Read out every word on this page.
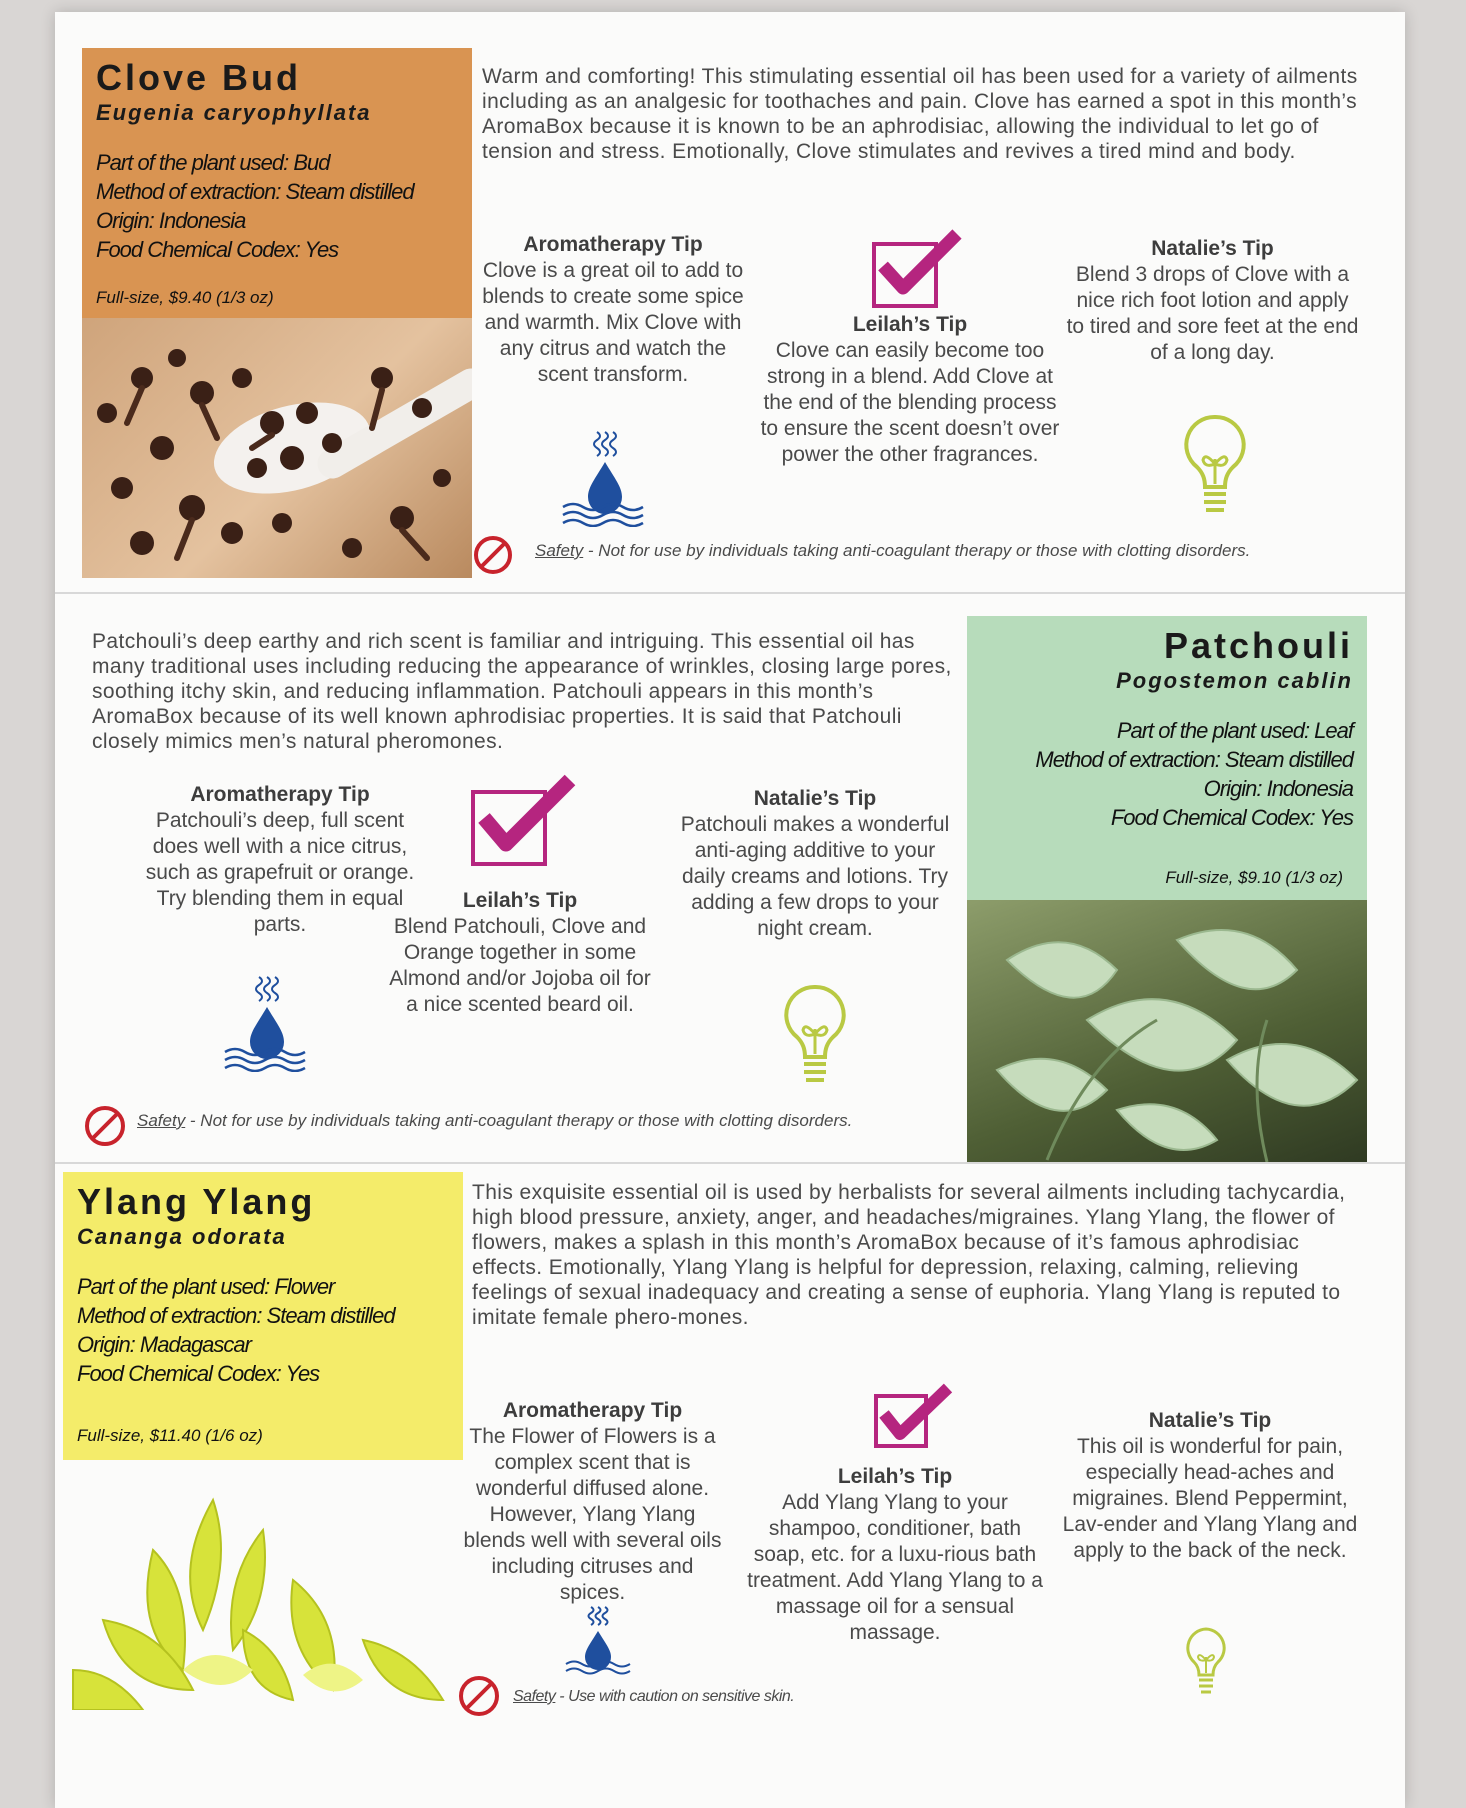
Clove Bud
Eugenia caryophyllata
Part of the plant used: Bud
Method of extraction: Steam distilled
Origin: Indonesia
Food Chemical Codex: Yes
Full-size, $9.40 (1/3 oz)
Warm and comforting! This stimulating essential oil has been used for a variety of ailments including as an analgesic for toothaches and pain. Clove has earned a spot in this month’s AromaBox because it is known to be an aphrodisiac, allowing the individual to let go of tension and stress. Emotionally, Clove stimulates and revives a tired mind and body.
Aromatherapy Tip
Clove is a great oil to add to blends to create some spice and warmth. Mix Clove with any citrus and watch the scent transform.
Leilah’s Tip
Clove can easily become too strong in a blend. Add Clove at the end of the blending process to ensure the scent doesn’t over power the other fragrances.
Natalie’s Tip
Blend 3 drops of Clove with a nice rich foot lotion and apply to tired and sore feet at the end of a long day.
Safety - Not for use by individuals taking anti-coagulant therapy or those with clotting disorders.
Patchouli’s deep earthy and rich scent is familiar and intriguing. This essential oil has many traditional uses including reducing the appearance of wrinkles, closing large pores, soothing itchy skin, and reducing inflammation. Patchouli appears in this month’s AromaBox because of its well known aphrodisiac properties. It is said that Patchouli closely mimics men’s natural pheromones.
Patchouli
Pogostemon cablin
Part of the plant used: Leaf
Method of extraction: Steam distilled
Origin: Indonesia
Food Chemical Codex: Yes
Full-size, $9.10 (1/3 oz)
Aromatherapy Tip
Patchouli’s deep, full scent does well with a nice citrus, such as grapefruit or orange. Try blending them in equal parts.
Leilah’s Tip
Blend Patchouli, Clove and Orange together in some Almond and/or Jojoba oil for a nice scented beard oil.
Natalie’s Tip
Patchouli makes a wonderful anti-aging additive to your daily creams and lotions. Try adding a few drops to your night cream.
Safety - Not for use by individuals taking anti-coagulant therapy or those with clotting disorders.
Ylang Ylang
Cananga odorata
Part of the plant used: Flower
Method of extraction: Steam distilled
Origin: Madagascar
Food Chemical Codex: Yes
Full-size, $11.40 (1/6 oz)
This exquisite essential oil is used by herbalists for several ailments including tachycardia, high blood pressure, anxiety, anger, and headaches/migraines. Ylang Ylang, the flower of flowers, makes a splash in this month’s AromaBox because of it’s famous aphrodisiac effects. Emotionally, Ylang Ylang is helpful for depression, relaxing, calming, relieving feelings of sexual inadequacy and creating a sense of euphoria. Ylang Ylang is reputed to imitate female phero-mones.
Aromatherapy Tip
The Flower of Flowers is a complex scent that is wonderful diffused alone. However, Ylang Ylang blends well with several oils including citruses and spices.
Leilah’s Tip
Add Ylang Ylang to your shampoo, conditioner, bath soap, etc. for a luxu-rious bath treatment. Add Ylang Ylang to a massage oil for a sensual massage.
Natalie’s Tip
This oil is wonderful for pain, especially head-aches and migraines. Blend Peppermint, Lav-ender and Ylang Ylang and apply to the back of the neck.
Safety - Use with caution on sensitive skin.
